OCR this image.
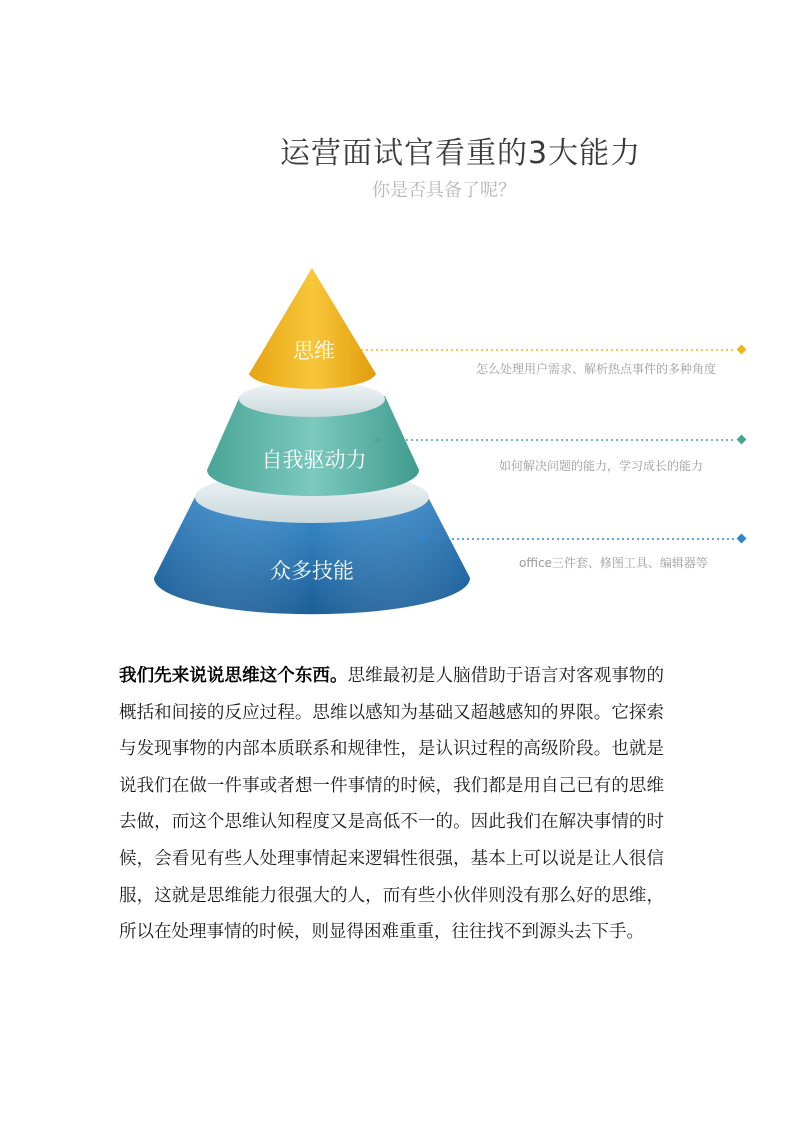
运营面试官看重的3大能力
你是否具备了呢？
思维
自我驱动力
众多技能
怎么处理用户需求、解析热点事件的多种角度
如何解决问题的能力，学习成长的能力
office三件套、修图工具、编辑器等

我们先来说说思维这个东西。思维最初是人脑借助于语言对客观事物的概括和间接的反应过程。思维以感知为基础又超越感知的界限。它探索与发现事物的内部本质联系和规律性，是认识过程的高级阶段。也就是说我们在做一件事或者想一件事情的时候，我们都是用自己已有的思维去做，而这个思维认知程度又是高低不一的。因此我们在解决事情的时候，会看见有些人处理事情起来逻辑性很强，基本上可以说是让人很信服，这就是思维能力很强大的人，而有些小伙伴则没有那么好的思维，所以在处理事情的时候，则显得困难重重，往往找不到源头去下手。
